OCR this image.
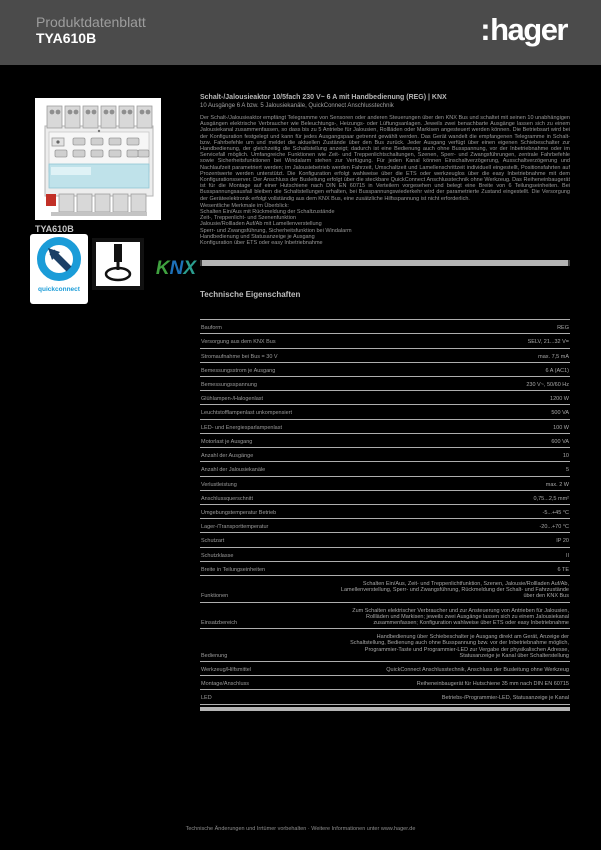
Produktdatenblatt
TYA610B	:hager
TYA610B
quickconnect
KNX
Schalt-/Jalousieaktor 10/5fach 230 V~ 6 A mit Handbedienung (REG) | KNX
10 Ausgänge 6 A bzw. 5 Jalousiekanäle, QuickConnect Anschlusstechnik
Der Schalt-/Jalousieaktor empfängt Telegramme von Sensoren oder anderen Steuerungen über den KNX Bus und schaltet mit seinen 10 unabhängigen Ausgängen elektrische Verbraucher wie Beleuchtungs-, Heizungs- oder Lüftungsanlagen. Jeweils zwei benachbarte Ausgänge lassen sich zu einem Jalousiekanal zusammenfassen, so dass bis zu 5 Antriebe für Jalousien, Rollläden oder Markisen angesteuert werden können. Die Betriebsart wird bei der Konfiguration festgelegt und kann für jedes Ausgangspaar getrennt gewählt werden. Das Gerät wandelt die empfangenen Telegramme in Schalt- bzw. Fahrbefehle um und meldet die aktuellen Zustände über den Bus zurück. Jeder Ausgang verfügt über einen eigenen Schiebeschalter zur Handbedienung, der gleichzeitig die Schaltstellung anzeigt; dadurch ist eine Bedienung auch ohne Busspannung, vor der Inbetriebnahme oder im Servicefall möglich. Umfangreiche Funktionen wie Zeit- und Treppenlichtschaltungen, Szenen, Sperr- und Zwangsführungen, zentrale Fahrbefehle sowie Sicherheitsfunktionen bei Windalarm stehen zur Verfügung. Für jeden Kanal können Einschaltverzögerung, Ausschaltverzögerung und Nachlaufzeit parametriert werden; im Jalousiebetrieb werden Fahrzeit, Umschaltzeit und Lamellenschrittzeit individuell eingestellt, Positionsfahrten auf Prozentwerte werden unterstützt. Die Konfiguration erfolgt wahlweise über die ETS oder werkzeuglos über die easy Inbetriebnahme mit dem Konfigurationsserver. Der Anschluss der Busleitung erfolgt über die steckbare QuickConnect Anschlusstechnik ohne Werkzeug. Das Reiheneinbaugerät ist für die Montage auf einer Hutschiene nach DIN EN 60715 in Verteilern vorgesehen und belegt eine Breite von 6 Teilungseinheiten. Bei Busspannungsausfall bleiben die Schaltstellungen erhalten, bei Busspannungswiederkehr wird der parametrierte Zustand eingestellt. Die Versorgung der Geräteelektronik erfolgt vollständig aus dem KNX Bus, eine zusätzliche Hilfsspannung ist nicht erforderlich.
Wesentliche Merkmale im Überblick:
Schalten Ein/Aus mit Rückmeldung der Schaltzustände
Zeit-, Treppenlicht- und Szenenfunktion
Jalousie/Rollladen Auf/Ab mit Lamellenverstellung
Sperr- und Zwangsführung, Sicherheitsfunktion bei Windalarm
Handbedienung und Statusanzeige je Ausgang
Konfiguration über ETS oder easy Inbetriebnahme
Technische Eigenschaften
Bauform	REG
Versorgung aus dem KNX Bus	SELV, 21...32 V=
Stromaufnahme bei Bus = 30 V	max. 7,5 mA
Bemessungsstrom je Ausgang	6 A (AC1)
Bemessungsspannung	230 V~, 50/60 Hz
Glühlampen-/Halogenlast	1200 W
Leuchtstofflampenlast unkompensiert	500 VA
LED- und Energiesparlampenlast	100 W
Motorlast je Ausgang	600 VA
Anzahl der Ausgänge	10
Anzahl der Jalousiekanäle	5
Verlustleistung	max. 2 W
Anschlussquerschnitt	0,75...2,5 mm²
Umgebungstemperatur Betrieb	-5...+45 °C
Lager-/Transporttemperatur	-20...+70 °C
Schutzart	IP 20
Schutzklasse	II
Breite in Teilungseinheiten	6 TE
Funktionen
Schalten Ein/Aus, Zeit- und Treppenlichtfunktion, Szenen, Jalousie/Rollladen Auf/Ab, Lamellenverstellung, Sperr- und Zwangsführung, Rückmeldung der Schalt- und Fahrzustände über den KNX Bus
Einsatzbereich
Zum Schalten elektrischer Verbraucher und zur Ansteuerung von Antrieben für Jalousien, Rollläden und Markisen; jeweils zwei Ausgänge lassen sich zu einem Jalousiekanal zusammenfassen; Konfiguration wahlweise über ETS oder easy Inbetriebnahme
Bedienung
Handbedienung über Schiebeschalter je Ausgang direkt am Gerät, Anzeige der Schaltstellung, Bedienung auch ohne Busspannung bzw. vor der Inbetriebnahme möglich, Programmier-Taste und Programmier-LED zur Vergabe der physikalischen Adresse, Statusanzeige je Kanal über Schalterstellung
Werkzeug/Hilfsmittel	QuickConnect Anschlusstechnik, Anschluss der Busleitung ohne Werkzeug
Montage/Anschluss	Reiheneinbaugerät für Hutschiene 35 mm nach DIN EN 60715
LED	Betriebs-/Programmier-LED, Statusanzeige je Kanal
Technische Änderungen und Irrtümer vorbehalten · Weitere Informationen unter www.hager.de
